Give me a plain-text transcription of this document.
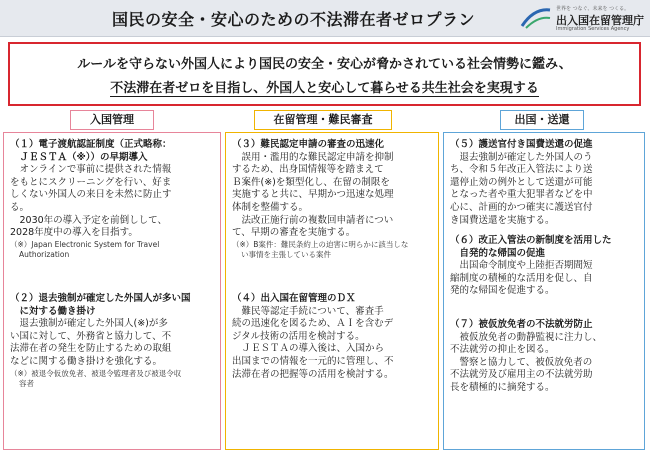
国民の安全・安心のための不法滞在者ゼロプラン
世界を つなぐ、未来を つくる。
出入国在留管理庁
Immigration Services Agency
ルールを守らない外国人により国民の安全・安心が脅かされている社会情勢に鑑み、
不法滞在者ゼロを目指し、外国人と安心して暮らせる共生社会を実現する
入国管理	在留管理・難民審査	出国・送還
（１）電子渡航認証制度（正式略称：
ＪＥＳＴＡ（※））の早期導入
オンラインで事前に提供された情報
をもとにスクリーニングを行い、好ま
しくない外国人の来日を未然に防止す
る。
2030年の導入予定を前倒しして、
2028年度中の導入を目指す。
（※）Japan Electronic System for Travel
Authorization
（２）退去強制が確定した外国人が多い国
に対する働き掛け
退去強制が確定した外国人(※)が多
い国に対して、外務省と協力して、不
法滞在者の発生を防止するための取組
などに関する働き掛けを強化する。
（※）被退令仮放免者、被退令監理者及び被退令収
容者
（３）難民認定申請の審査の迅速化
誤用・濫用的な難民認定申請を抑制
するため、出身国情報等を踏まえて
Ｂ案件(※)を類型化し、在留の制限を
実施すると共に、早期かつ迅速な処理
体制を整備する。
法改正施行前の複数回申請者につい
て、早期の審査を実施する。
（※）B案件：難民条約上の迫害に明らかに該当しな
い事情を主張している案件
（４）出入国在留管理のＤＸ
難民等認定手続について、審査手
続の迅速化を図るため、ＡＩを含むデ
ジタル技術の活用を検討する。
ＪＥＳＴＡの導入後は、入国から
出国までの情報を一元的に管理し、不
法滞在者の把握等の活用を検討する。
（５）護送官付き国費送還の促進
退去強制が確定した外国人のう
ち、令和５年改正入管法により送
還停止効の例外として送還が可能
となった者や重大犯罪者などを中
心に、計画的かつ確実に護送官付
き国費送還を実施する。
（６）改正入管法の新制度を活用した
自発的な帰国の促進
出国命令制度や上陸拒否期間短
縮制度の積極的な活用を促し、自
発的な帰国を促進する。
（７）被仮放免者の不法就労防止
被仮放免者の動静監視に注力し、
不法就労の抑止を図る。
警察と協力して、被仮放免者の
不法就労及び雇用主の不法就労助
長を積極的に摘発する。
